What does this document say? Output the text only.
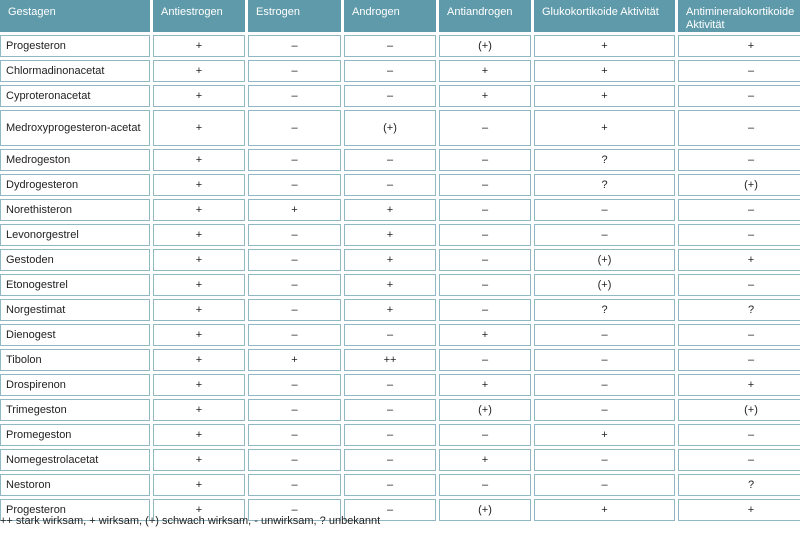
Gestagen	Antiestrogen	Estrogen	Androgen	Antiandrogen	Glukokortikoide Aktivität	Antimineralokortikoide Aktivität
Progesteron	+	–	–	(+)	+	+
Chlormadinonacetat	+	–	–	+	+	–
Cyproteronacetat	+	–	–	+	+	–
Medroxyprogesteron-acetat	+	–	(+)	–	+	–
Medrogeston	+	–	–	–	?	–
Dydrogesteron	+	–	–	–	?	(+)
Norethisteron	+	+	+	–	–	–
Levonorgestrel	+	–	+	–	–	–
Gestoden	+	–	+	–	(+)	+
Etonogestrel	+	–	+	–	(+)	–
Norgestimat	+	–	+	–	?	?
Dienogest	+	–	–	+	–	–
Tibolon	+	+	++	–	–	–
Drospirenon	+	–	–	+	–	+
Trimegeston	+	–	–	(+)	–	(+)
Promegeston	+	–	–	–	+	–
Nomegestrolacetat	+	–	–	+	–	–
Nestoron	+	–	–	–	–	?
Progesteron	+	–	–	(+)	+	+
++ stark wirksam, + wirksam, (+) schwach wirksam, - unwirksam, ? unbekannt
